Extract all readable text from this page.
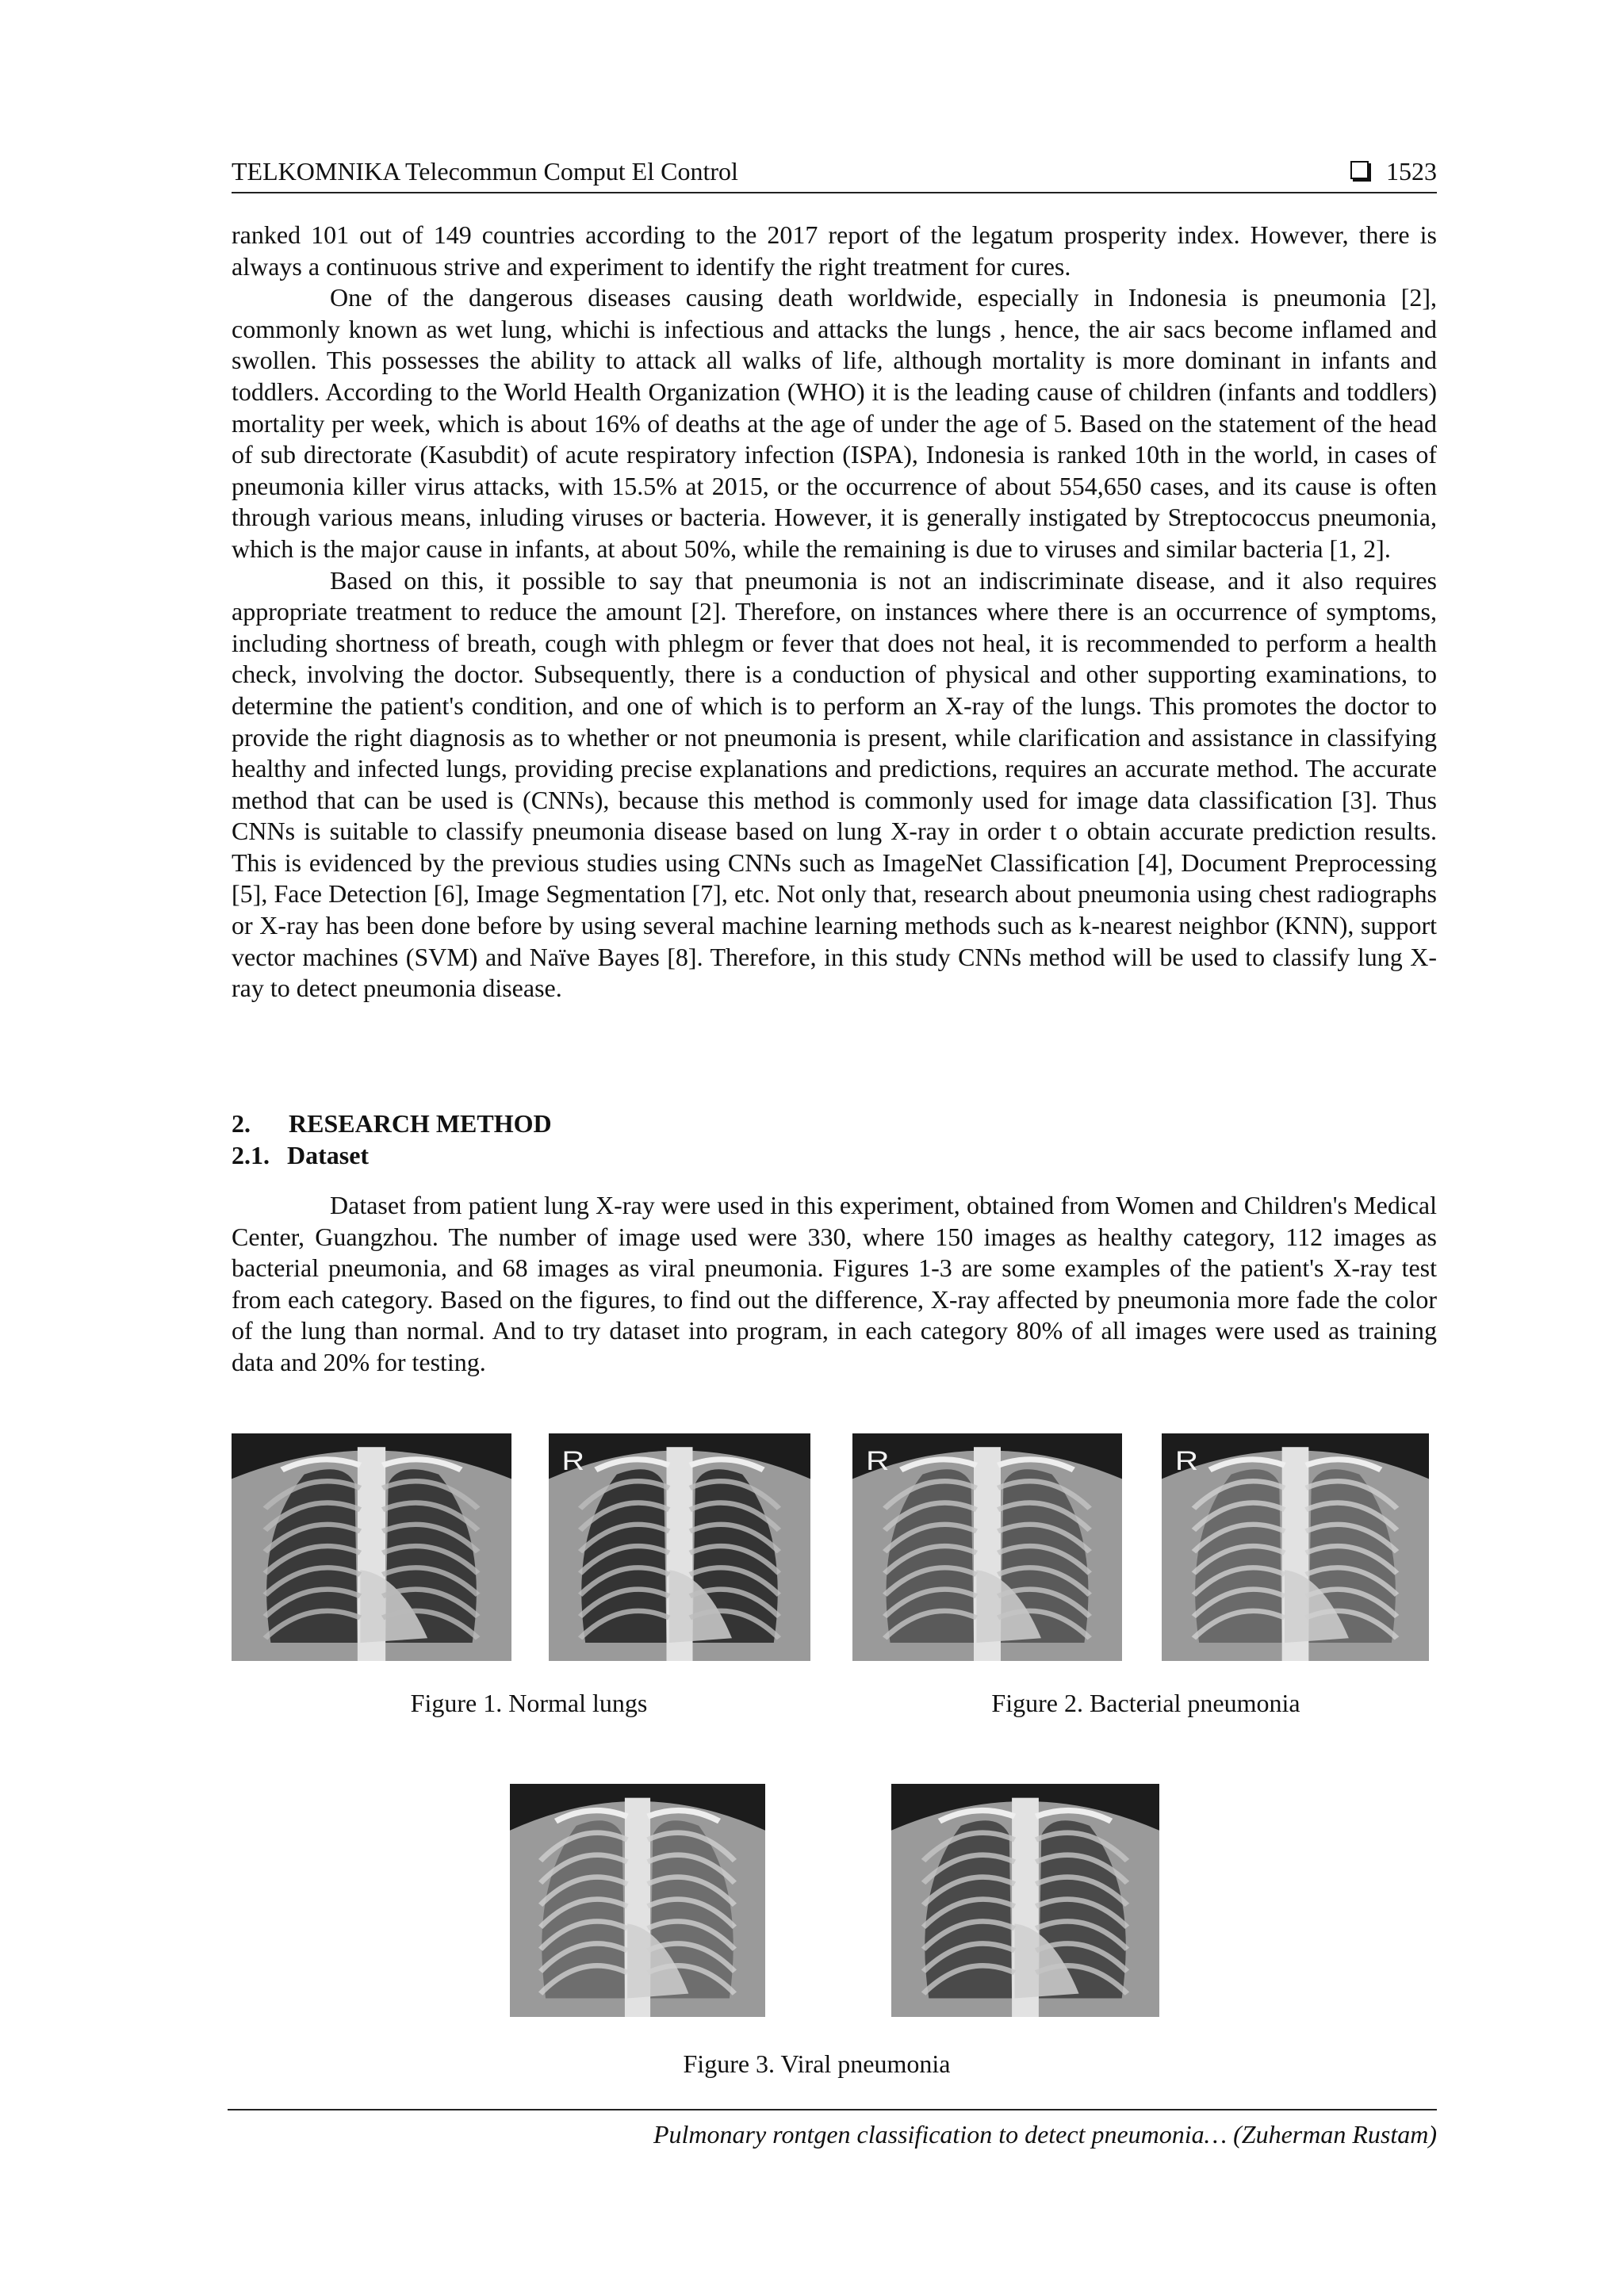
TELKOMNIKA Telecommun Comput El Control	1523

ranked 101 out of 149 countries according to the 2017 report of the legatum prosperity index. However, there is always a continuous strive and experiment to identify the right treatment for cures.

One of the dangerous diseases causing death worldwide, especially in Indonesia is pneumonia [2], commonly known as wet lung, whichi is infectious and attacks the lungs , hence, the air sacs become inflamed and swollen. This possesses the ability to attack all walks of life, although mortality is more dominant in infants and toddlers. According to the World Health Organization (WHO) it is the leading cause of children (infants and toddlers) mortality per week, which is about 16% of deaths at the age of under the age of 5. Based on the statement of the head of sub directorate (Kasubdit) of acute respiratory infection (ISPA), Indonesia is ranked 10th in the world, in cases of pneumonia killer virus attacks, with 15.5% at 2015, or the occurrence of about 554,650 cases, and its cause is often through various means, inluding viruses or bacteria. However, it is generally instigated by Streptococcus pneumonia, which is the major cause in infants, at about 50%, while the remaining is due to viruses and similar bacteria [1, 2].

Based on this, it possible to say that pneumonia is not an indiscriminate disease, and it also requires appropriate treatment to reduce the amount [2]. Therefore, on instances where there is an occurrence of symptoms, including shortness of breath, cough with phlegm or fever that does not heal, it is recommended to perform a health check, involving the doctor. Subsequently, there is a conduction of physical and other supporting examinations, to determine the patient's condition, and one of which is to perform an X-ray of the lungs. This promotes the doctor to provide the right diagnosis as to whether or not pneumonia is present, while clarification and assistance in classifying healthy and infected lungs, providing precise explanations and predictions, requires an accurate method. The accurate method that can be used is (CNNs), because this method is commonly used for image data classification [3]. Thus CNNs is suitable to classify pneumonia disease based on lung X-ray in order t o obtain accurate prediction results. This is evidenced by the previous studies using CNNs such as ImageNet Classification [4], Document Preprocessing [5], Face Detection [6], Image Segmentation [7], etc. Not only that, research about pneumonia using chest radiographs or X-ray has been done before by using several machine learning methods such as k-nearest neighbor (KNN), support vector machines (SVM) and Naïve Bayes [8]. Therefore, in this study CNNs method will be used to classify lung X-ray to detect pneumonia disease.

2. RESEARCH METHOD
2.1. Dataset

Dataset from patient lung X-ray were used in this experiment, obtained from Women and Children's Medical Center, Guangzhou. The number of image used were 330, where 150 images as healthy category, 112 images as bacterial pneumonia, and 68 images as viral pneumonia. Figures 1-3 are some examples of the patient's X-ray test from each category. Based on the figures, to find out the difference, X-ray affected by pneumonia more fade the color of the lung than normal. And to try dataset into program, in each category 80% of all images were used as training data and 20% for testing.

R	R	R
Figure 1. Normal lungs	Figure 2. Bacterial pneumonia
Figure 3. Viral pneumonia
Pulmonary rontgen classification to detect pneumonia… (Zuherman Rustam)
